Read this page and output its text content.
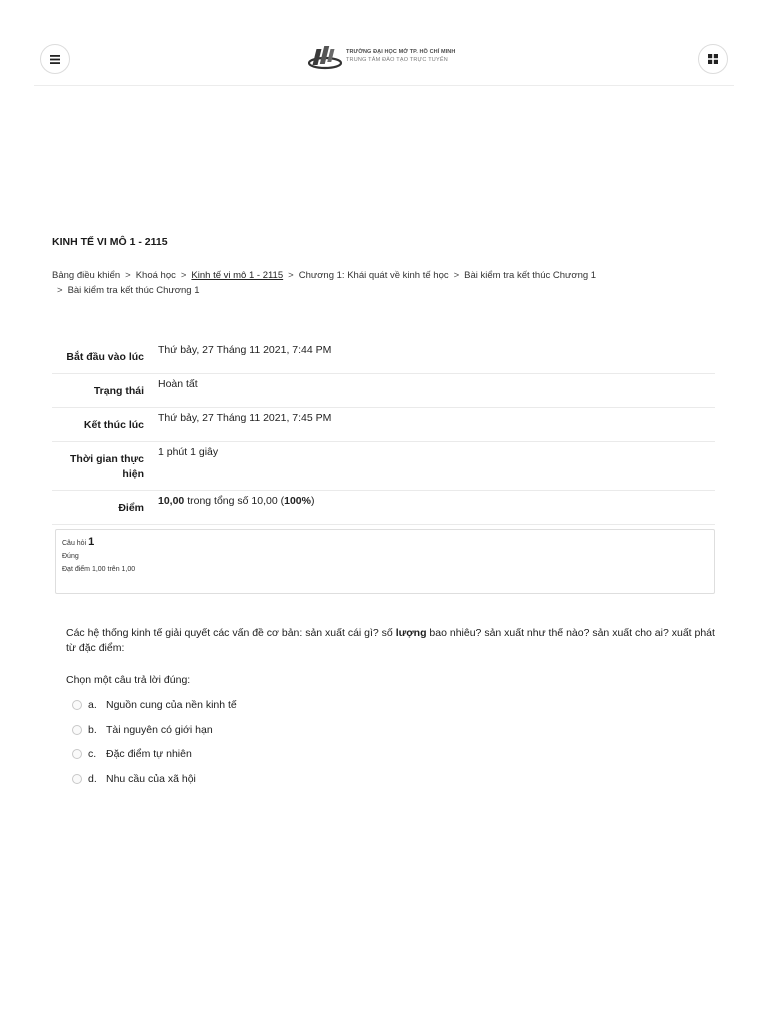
TRƯỜNG ĐẠI HỌC MỞ TP. HỒ CHÍ MINH
TRUNG TÂM ĐÀO TẠO TRỰC TUYẾN
KINH TẾ VI MÔ 1 - 2115
Bảng điều khiển > Khoá học > Kinh tế vi mô 1 - 2115 > Chương 1: Khái quát về kinh tế học > Bài kiểm tra kết thúc Chương 1
> Bài kiểm tra kết thúc Chương 1
Bắt đầu vào lúc	Thứ bảy, 27 Tháng 11 2021, 7:44 PM
Trạng thái	Hoàn tất
Kết thúc lúc	Thứ bảy, 27 Tháng 11 2021, 7:45 PM
Thời gian thực hiện	1 phút 1 giây
Điểm	10,00 trong tổng số 10,00 (100%)
Câu hỏi 1
Đúng
Đạt điểm 1,00 trên 1,00
Các hệ thống kinh tế giải quyết các vấn đề cơ bản: sản xuất cái gì? số lượng bao nhiêu? sản xuất như thế nào? sản xuất cho ai? xuất phát từ đặc điểm:
Chọn một câu trả lời đúng:
a. Nguồn cung của nền kinh tế
b. Tài nguyên có giới hạn
c. Đặc điểm tự nhiên
d. Nhu cầu của xã hội
